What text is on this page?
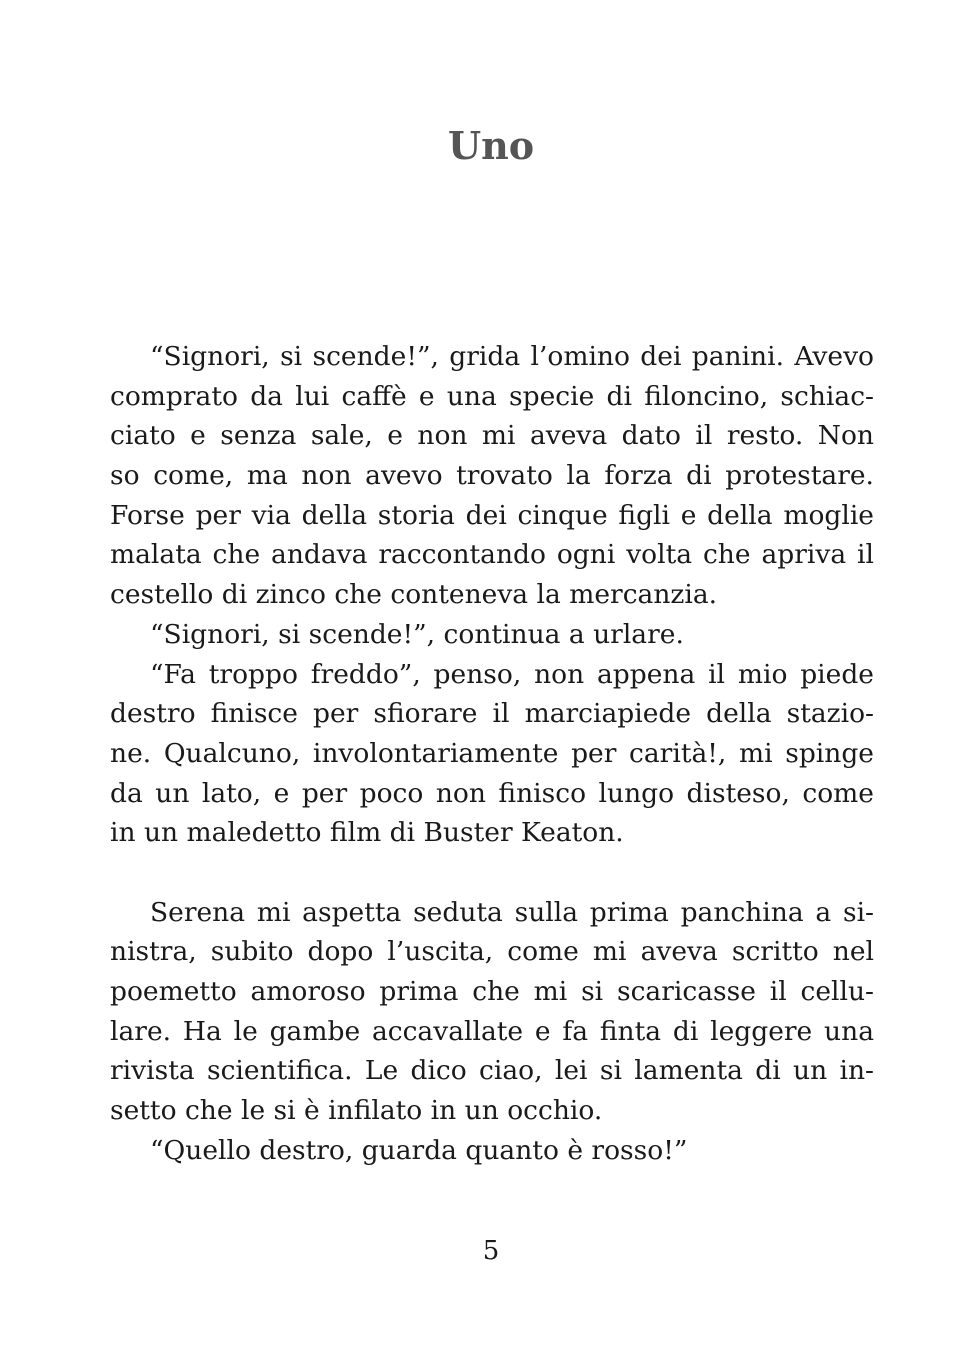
Uno
“Signori, si scende!”, grida l’omino dei panini. Avevo
comprato da lui caffè e una specie di filoncino, schiac-
ciato e senza sale, e non mi aveva dato il resto. Non
so come, ma non avevo trovato la forza di protestare.
Forse per via della storia dei cinque figli e della moglie
malata che andava raccontando ogni volta che apriva il
cestello di zinco che conteneva la mercanzia.
“Signori, si scende!”, continua a urlare.
“Fa troppo freddo”, penso, non appena il mio piede
destro finisce per sfiorare il marciapiede della stazio-
ne. Qualcuno, involontariamente per carità!, mi spinge
da un lato, e per poco non finisco lungo disteso, come
in un maledetto film di Buster Keaton.
Serena mi aspetta seduta sulla prima panchina a si-
nistra, subito dopo l’uscita, come mi aveva scritto nel
poemetto amoroso prima che mi si scaricasse il cellu-
lare. Ha le gambe accavallate e fa finta di leggere una
rivista scientifica. Le dico ciao, lei si lamenta di un in-
setto che le si è infilato in un occhio.
“Quello destro, guarda quanto è rosso!”
5
